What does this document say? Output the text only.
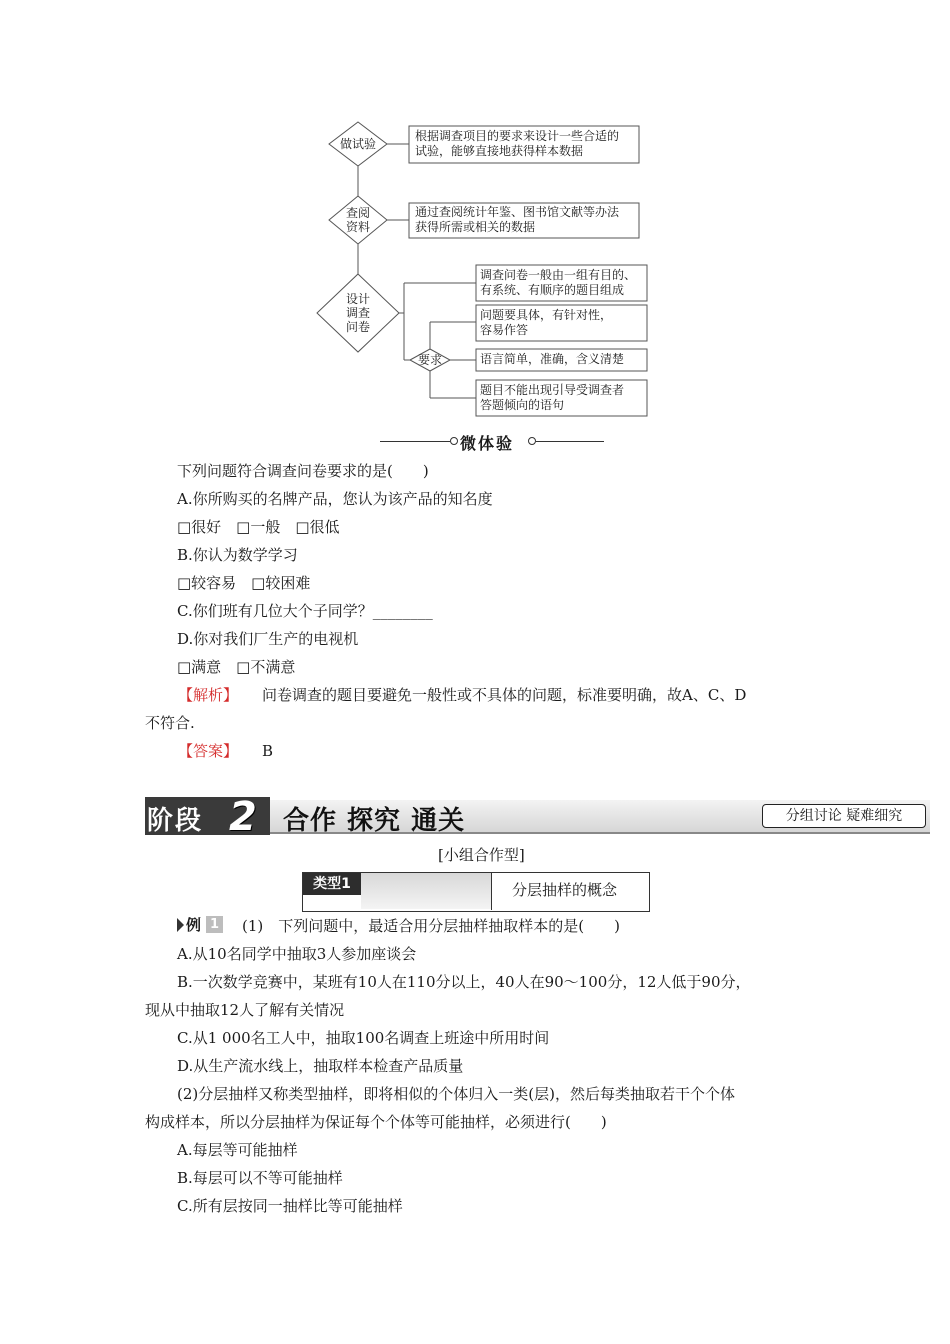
做试验
查阅
资料
设计
调查
问卷
要求
根据调查项目的要求来设计一些合适的
试验，能够直接地获得样本数据
通过查阅统计年鉴、图书馆文献等办法
获得所需或相关的数据
调查问卷一般由一组有目的、
有系统、有顺序的题目组成
问题要具体，有针对性，
容易作答
语言简单，准确，含义清楚
题目不能出现引导受调查者
答题倾向的语句
微体验
下列问题符合调查问卷要求的是(　　)
A.你所购买的名牌产品，您认为该产品的知名度
□很好　□一般　□很低
B.你认为数学学习
□较容易　□较困难
C.你们班有几位大个子同学？________
D.你对我们厂生产的电视机
□满意　□不满意
【解析】 问卷调查的题目要避免一般性或不具体的问题，标准要明确，故A、C、D
不符合.
【答案】 B
阶段 2 合作 探究 通关	分组讨论 疑难细究
[小组合作型]
类型1	分层抽样的概念
例 1 (1)　下列问题中，最适合用分层抽样抽取样本的是(　　)
A.从10名同学中抽取3人参加座谈会
B.一次数学竞赛中，某班有10人在110分以上，40人在90～100分，12人低于90分，
现从中抽取12人了解有关情况
C.从1 000名工人中，抽取100名调查上班途中所用时间
D.从生产流水线上，抽取样本检查产品质量
(2)分层抽样又称类型抽样，即将相似的个体归入一类(层)，然后每类抽取若干个个体
构成样本，所以分层抽样为保证每个个体等可能抽样，必须进行(　　)
A.每层等可能抽样
B.每层可以不等可能抽样
C.所有层按同一抽样比等可能抽样
